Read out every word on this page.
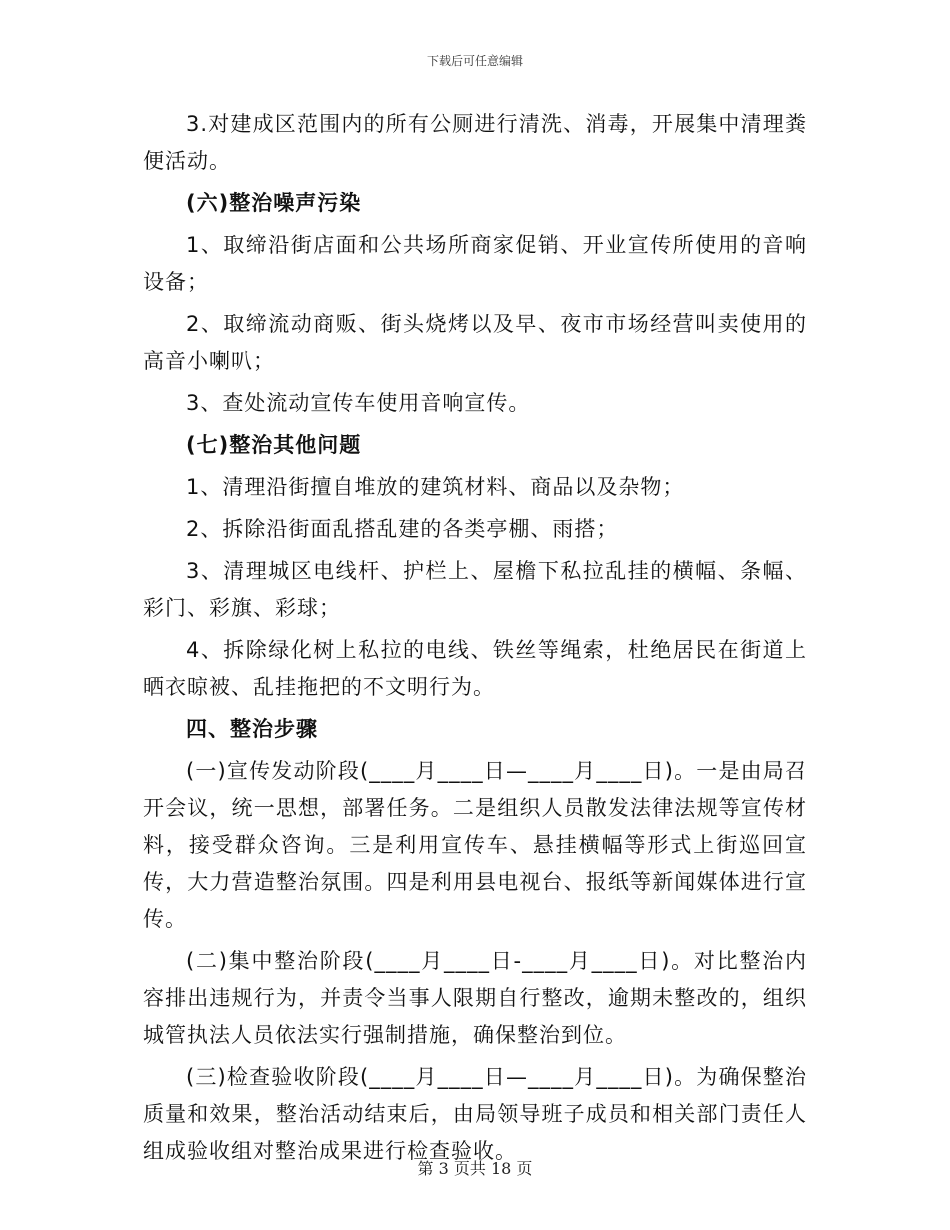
下载后可任意编辑

3.对建成区范围内的所有公厕进行清洗、消毒，开展集中清理粪便活动。

(六)整治噪声污染

1、取缔沿街店面和公共场所商家促销、开业宣传所使用的音响设备；

2、取缔流动商贩、街头烧烤以及早、夜市市场经营叫卖使用的高音小喇叭；

3、查处流动宣传车使用音响宣传。

(七)整治其他问题

1、清理沿街擅自堆放的建筑材料、商品以及杂物；

2、拆除沿街面乱搭乱建的各类亭棚、雨搭；

3、清理城区电线杆、护栏上、屋檐下私拉乱挂的横幅、条幅、彩门、彩旗、彩球；

4、拆除绿化树上私拉的电线、铁丝等绳索，杜绝居民在街道上晒衣晾被、乱挂拖把的不文明行为。

四、整治步骤

(一)宣传发动阶段(____月____日—____月____日)。一是由局召开会议，统一思想，部署任务。二是组织人员散发法律法规等宣传材料，接受群众咨询。三是利用宣传车、悬挂横幅等形式上街巡回宣传，大力营造整治氛围。四是利用县电视台、报纸等新闻媒体进行宣传。

(二)集中整治阶段(____月____日-____月____日)。对比整治内容排出违规行为，并责令当事人限期自行整改，逾期未整改的，组织城管执法人员依法实行强制措施，确保整治到位。

(三)检查验收阶段(____月____日—____月____日)。为确保整治质量和效果，整治活动结束后，由局领导班子成员和相关部门责任人组成验收组对整治成果进行检查验收。

第 3 页共 18 页
